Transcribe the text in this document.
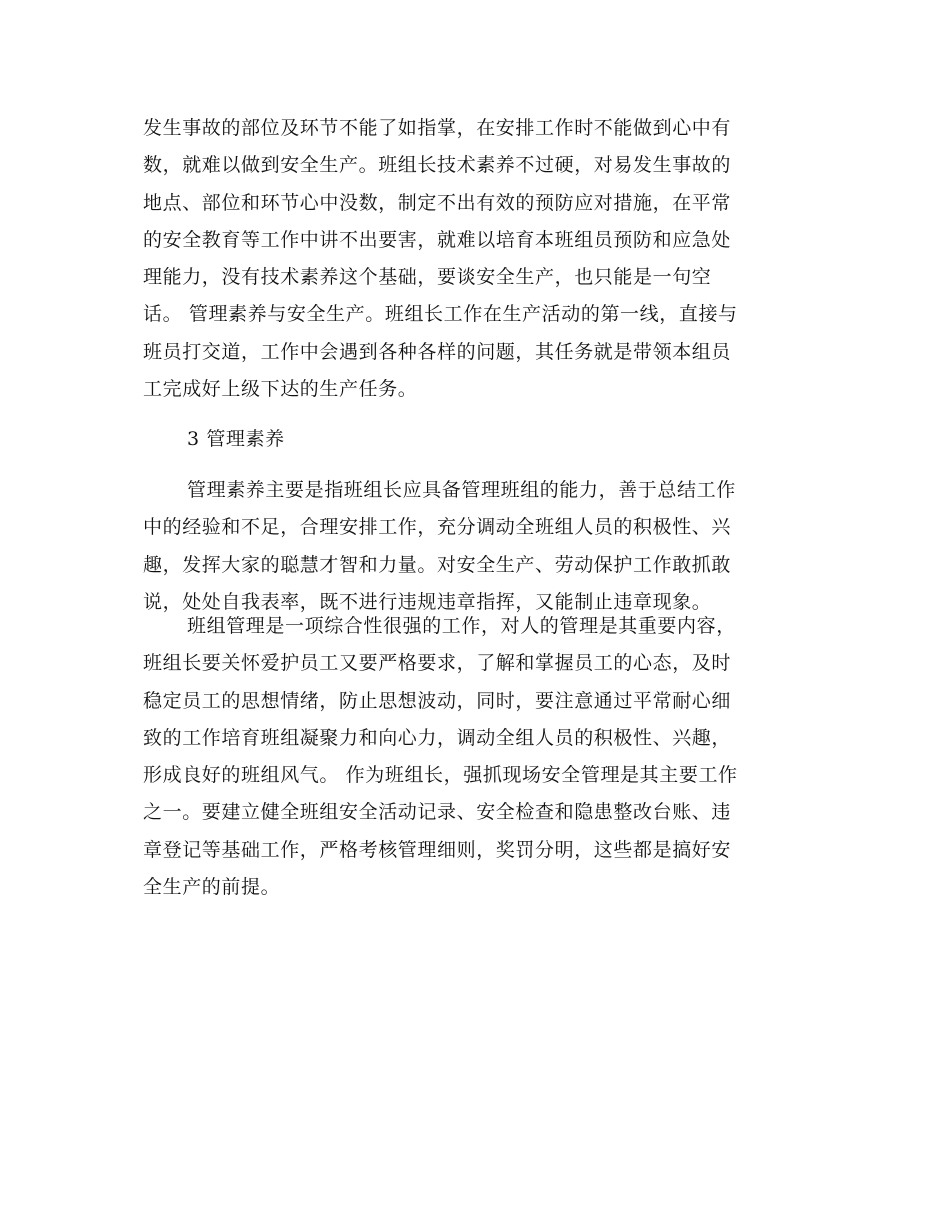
发生事故的部位及环节不能了如指掌，在安排工作时不能做到心中有
数，就难以做到安全生产。班组长技术素养不过硬，对易发生事故的
地点、部位和环节心中没数，制定不出有效的预防应对措施，在平常
的安全教育等工作中讲不出要害，就难以培育本班组员预防和应急处
理能力，没有技术素养这个基础，要谈安全生产，也只能是一句空
话。 管理素养与安全生产。班组长工作在生产活动的第一线，直接与
班员打交道，工作中会遇到各种各样的问题，其任务就是带领本组员
工完成好上级下达的生产任务。
3 管理素养
管理素养主要是指班组长应具备管理班组的能力，善于总结工作
中的经验和不足，合理安排工作，充分调动全班组人员的积极性、兴
趣，发挥大家的聪慧才智和力量。对安全生产、劳动保护工作敢抓敢
说，处处自我表率，既不进行违规违章指挥，又能制止违章现象。
班组管理是一项综合性很强的工作，对人的管理是其重要内容，
班组长要关怀爱护员工又要严格要求，了解和掌握员工的心态，及时
稳定员工的思想情绪，防止思想波动，同时，要注意通过平常耐心细
致的工作培育班组凝聚力和向心力，调动全组人员的积极性、兴趣，
形成良好的班组风气。 作为班组长，强抓现场安全管理是其主要工作
之一。要建立健全班组安全活动记录、安全检查和隐患整改台账、违
章登记等基础工作，严格考核管理细则，奖罚分明，这些都是搞好安
全生产的前提。
